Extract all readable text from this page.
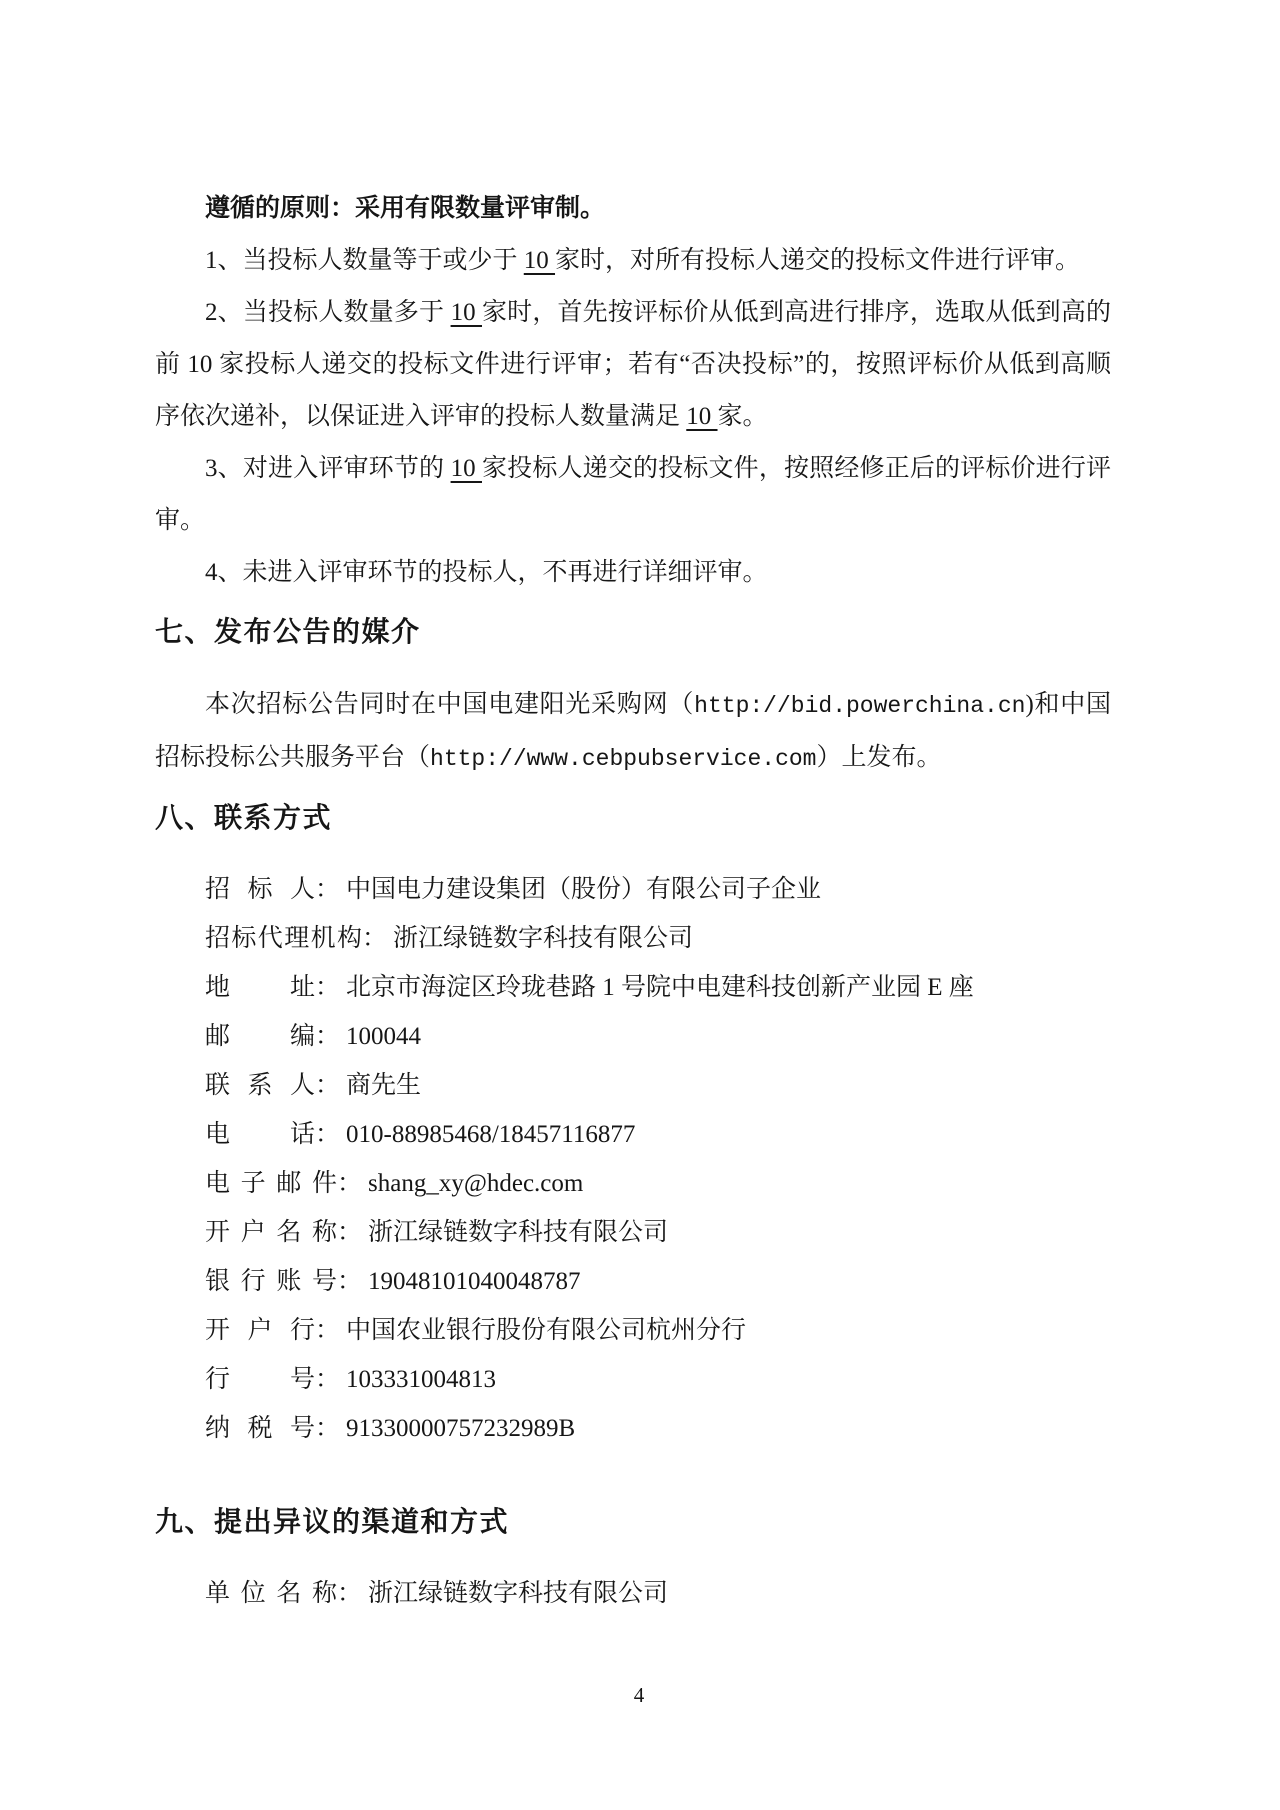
遵循的原则：采用有限数量评审制。

1、当投标人数量等于或少于 10 家时，对所有投标人递交的投标文件进行评审。

2、当投标人数量多于 10 家时，首先按评标价从低到高进行排序，选取从低到高的前 10 家投标人递交的投标文件进行评审；若有“否决投标”的，按照评标价从低到高顺序依次递补，以保证进入评审的投标人数量满足 10 家。

3、对进入评审环节的 10 家投标人递交的投标文件，按照经修正后的评标价进行评审。

4、未进入评审环节的投标人，不再进行详细评审。

七、发布公告的媒介

本次招标公告同时在中国电建阳光采购网（http://bid.powerchina.cn)和中国招标投标公共服务平台（http://www.cebpubservice.com）上发布。

八、联系方式
招标人： 中国电力建设集团（股份）有限公司子企业
招标代理机构： 浙江绿链数字科技有限公司
地址： 北京市海淀区玲珑巷路 1 号院中电建科技创新产业园 E 座
邮编： 100044
联系人： 商先生
电话： 010-88985468/18457116877
电子邮件： shang_xy@hdec.com
开户名称： 浙江绿链数字科技有限公司
银行账号： 19048101040048787
开户行： 中国农业银行股份有限公司杭州分行
行号： 103331004813
纳税号： 91330000757232989B
九、提出异议的渠道和方式
单位名称： 浙江绿链数字科技有限公司
4
